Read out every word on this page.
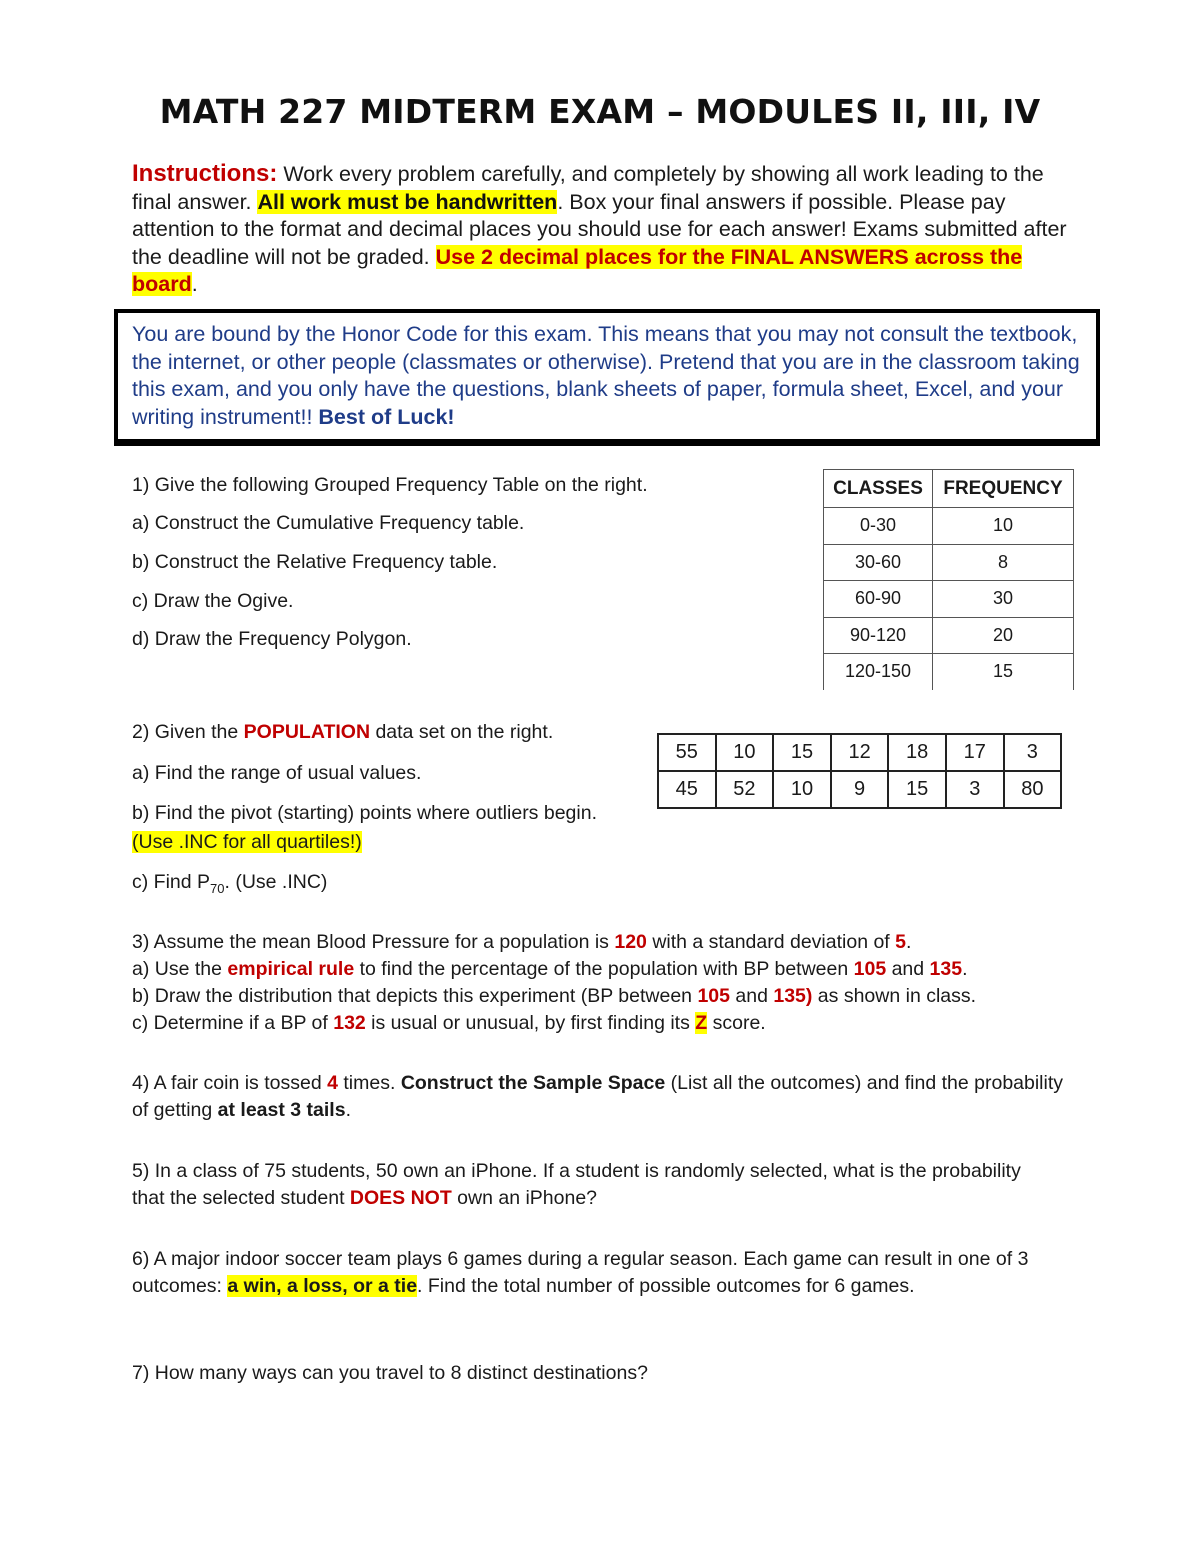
MATH 227 MIDTERM EXAM – MODULES II, III, IV
Instructions: Work every problem carefully, and completely by showing all work leading to the final answer. All work must be handwritten. Box your final answers if possible. Please pay attention to the format and decimal places you should use for each answer! Exams submitted after the deadline will not be graded. Use 2 decimal places for the FINAL ANSWERS across the board.
You are bound by the Honor Code for this exam. This means that you may not consult the textbook, the internet, or other people (classmates or otherwise). Pretend that you are in the classroom taking this exam, and you only have the questions, blank sheets of paper, formula sheet, Excel, and your writing instrument!! Best of Luck!
1) Give the following Grouped Frequency Table on the right.
a) Construct the Cumulative Frequency table.
b) Construct the Relative Frequency table.
c) Draw the Ogive.
d) Draw the Frequency Polygon.
CLASSES	FREQUENCY
0-30	10
30-60	8
60-90	30
90-120	20
120-150	15
2) Given the POPULATION data set on the right.
a) Find the range of usual values.
b) Find the pivot (starting) points where outliers begin.
(Use .INC for all quartiles!)
c) Find $P_{70}$. (Use .INC)
55	10	15	12	18	17	3
45	52	10	9	15	3	80
3) Assume the mean Blood Pressure for a population is 120 with a standard deviation of 5.
a) Use the empirical rule to find the percentage of the population with BP between 105 and 135.
b) Draw the distribution that depicts this experiment (BP between 105 and 135) as shown in class.
c) Determine if a BP of 132 is usual or unusual, by first finding its Z score.
4) A fair coin is tossed 4 times. Construct the Sample Space (List all the outcomes) and find the probability of getting at least 3 tails.
5) In a class of 75 students, 50 own an iPhone. If a student is randomly selected, what is the probability that the selected student DOES NOT own an iPhone?
6) A major indoor soccer team plays 6 games during a regular season. Each game can result in one of 3 outcomes: a win, a loss, or a tie. Find the total number of possible outcomes for 6 games.
7) How many ways can you travel to 8 distinct destinations?
